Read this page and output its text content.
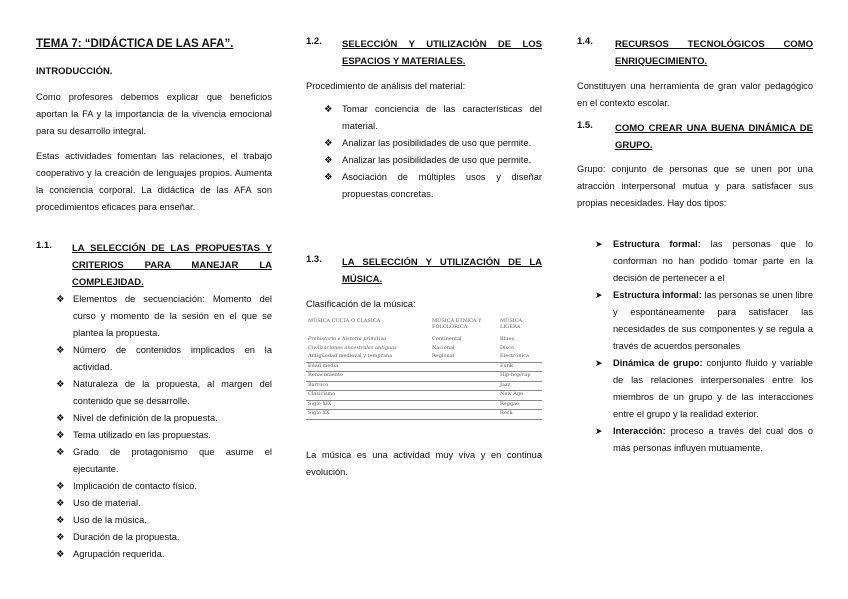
TEMA 7: “DIDÁCTICA DE LAS AFA”.
INTRODUCCIÓN.
Como profesores debemos explicar que beneficios aportan la FA y la importancia de la vivencia emocional para su desarrollo integral.
Estas actividades fomentan las relaciones, el trabajo cooperativo y la creación de lenguajes propios. Aumenta la conciencia corporal. La didáctica de las AFA son procedimientos eficaces para enseñar.
1.1. LA SELECCIÓN DE LAS PROPUESTAS Y CRITERIOS PARA MANEJAR LA COMPLEJIDAD.
❖ Elementos de secuenciación: Momento del curso y momento de la sesión en el que se plantea la propuesta.
❖ Número de contenidos implicados en la actividad.
❖ Naturaleza de la propuesta, al margen del contenido que se desarrolle.
❖ Nivel de definición de la propuesta.
❖ Tema utilizado en las propuestas.
❖ Grado de protagonismo que asume el ejecutante.
❖ Implicación de contacto físico.
❖ Uso de material.
❖ Uso de la música.
❖ Duración de la propuesta.
❖ Agrupación requerida.
1.2. SELECCIÓN Y UTILIZACIÓN DE LOS ESPACIOS Y MATERIALES.
Procedimiento de análisis del material:
❖	Tomar conciencia de las características del material.
❖	Analizar las posibilidades de uso que permite.
❖	Analizar las posibilidades de uso que permite.
❖	Asociación de múltiples usos y diseñar propuestas concretas.
1.3. LA SELECCIÓN Y UTILIZACIÓN DE LA MÚSICA.
Clasificación de la música:
MÚSICA CULTA O CLÁSICA	MÚSICA ÉTNICA Y FOLCLÓRICA	MÚSICA LIGERA
Prehistoria e historia primitiva	Continental	Blues
Civilizaciones ancestrales antiguas	Nacional	Disco
Antigüedad medieval y temprana	Regional	Electrónica
Edad media		Funk
Renacimiento		Hip-hop/rap
Barroco		Jazz
Clasicismo		New Age
Siglo XIX		Reggae
Siglo XX		Rock
La música es una actividad muy viva y en continua evolución.
1.4. RECURSOS TECNOLÓGICOS COMO ENRIQUECIMIENTO.
Constituyen una herramienta de gran valor pedagógico en el contexto escolar.
1.5. COMO CREAR UNA BUENA DINÁMICA DE GRUPO.
Grupo: conjunto de personas que se unen por una atracción interpersonal mutua y para satisfacer sus propias necesidades. Hay dos tipos:
➤ Estructura formal: las personas que lo conforman no han podido tomar parte en la decisión de pertenecer a el
➤ Estructura informal: las personas se unen libre y espontáneamente para satisfacer las necesidades de sus componentes y se regula a través de acuerdos personales
➤ Dinámica de grupo: conjunto fluido y variable de las relaciones interpersonales entre los miembros de un grupo y de las interacciones entre el grupo y la realidad exterior.
➤ Interacción: proceso a través del cual dos o más personas influyen mutuamente.
